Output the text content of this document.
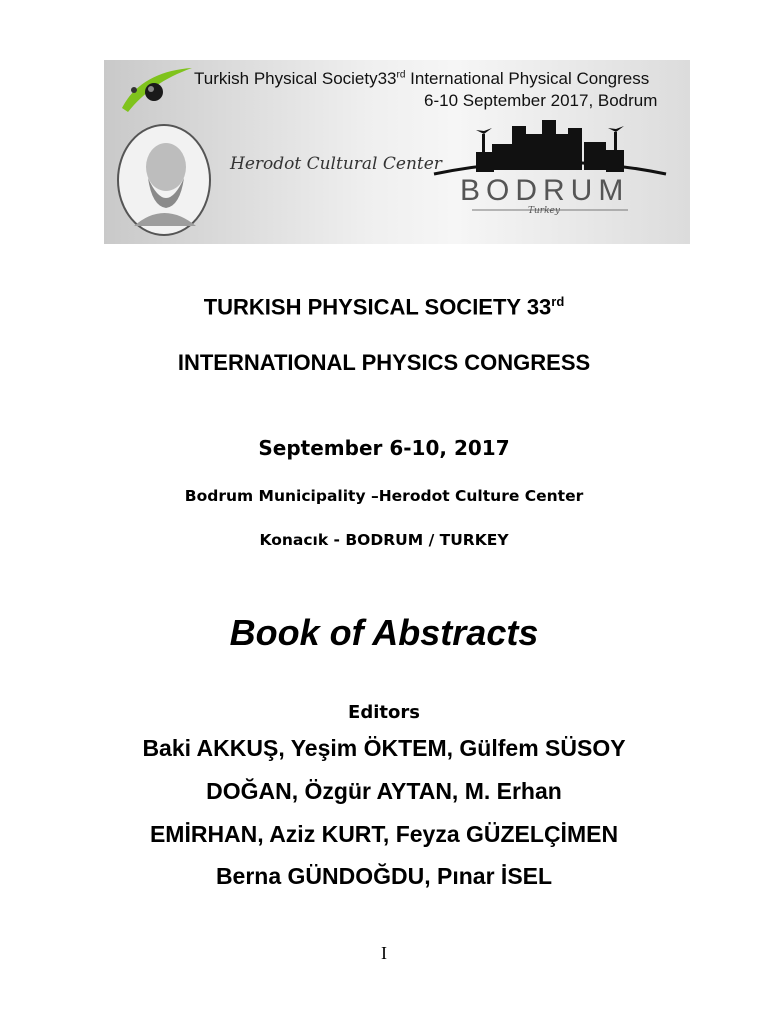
Turkish Physical Society33rd International Physical Congress
6-10 September 2017, Bodrum
Herodot Cultural Center
BODRUM
Turkey
TURKISH PHYSICAL SOCIETY 33rd
INTERNATIONAL PHYSICS CONGRESS
September 6-10, 2017
Bodrum Municipality –Herodot Culture Center
Konacık - BODRUM / TURKEY
Book of Abstracts
Editors
Baki AKKUŞ, Yeşim ÖKTEM, Gülfem SÜSOY
DOĞAN, Özgür AYTAN, M. Erhan
EMİRHAN, Aziz KURT, Feyza GÜZELÇİMEN
Berna GÜNDOĞDU, Pınar İSEL
I
